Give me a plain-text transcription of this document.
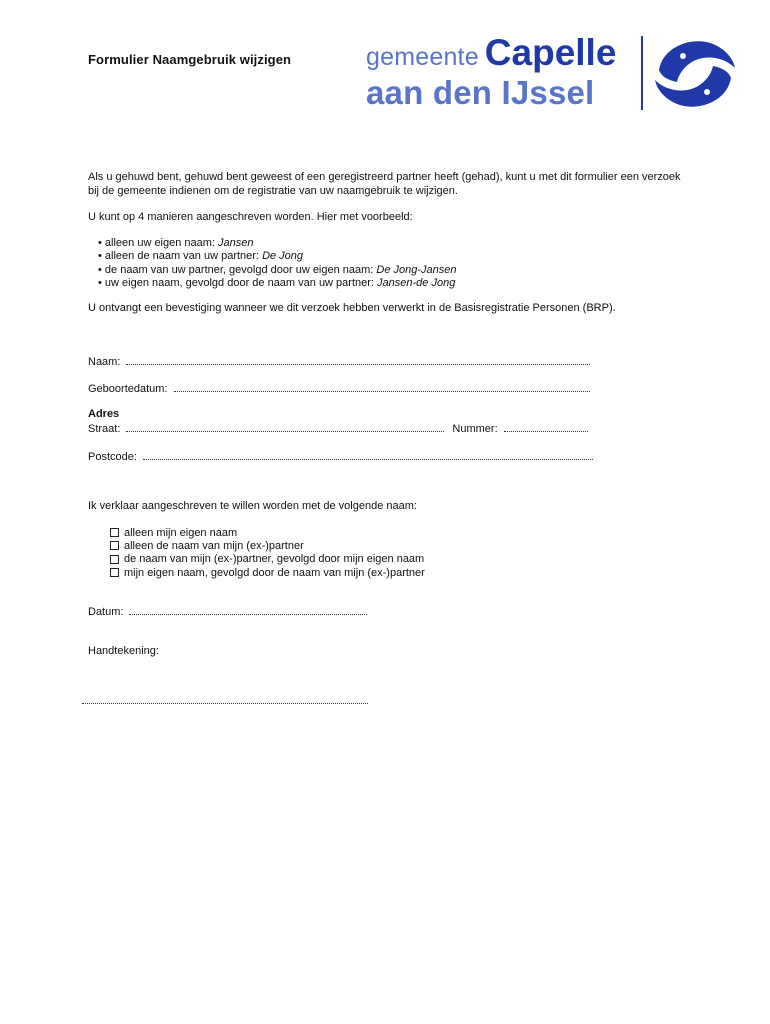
Formulier Naamgebruik wijzigen	gemeente Capelle
aan den IJssel
Als u gehuwd bent, gehuwd bent geweest of een geregistreerd partner heeft (gehad), kunt u met dit formulier een verzoek bij de gemeente indienen om de registratie van uw naamgebruik te wijzigen.
U kunt op 4 manieren aangeschreven worden. Hier met voorbeeld:
• alleen uw eigen naam: Jansen
• alleen de naam van uw partner: De Jong
• de naam van uw partner, gevolgd door uw eigen naam: De Jong-Jansen
• uw eigen naam, gevolgd door de naam van uw partner: Jansen-de Jong
U ontvangt een bevestiging wanneer we dit verzoek hebben verwerkt in de Basisregistratie Personen (BRP).
Naam:
Geboortedatum:
Adres
Straat:	Nummer:
Postcode:
Ik verklaar aangeschreven te willen worden met de volgende naam:
alleen mijn eigen naam
alleen de naam van mijn (ex-)partner
de naam van mijn (ex-)partner, gevolgd door mijn eigen naam
mijn eigen naam, gevolgd door de naam van mijn (ex-)partner
Datum:
Handtekening:
